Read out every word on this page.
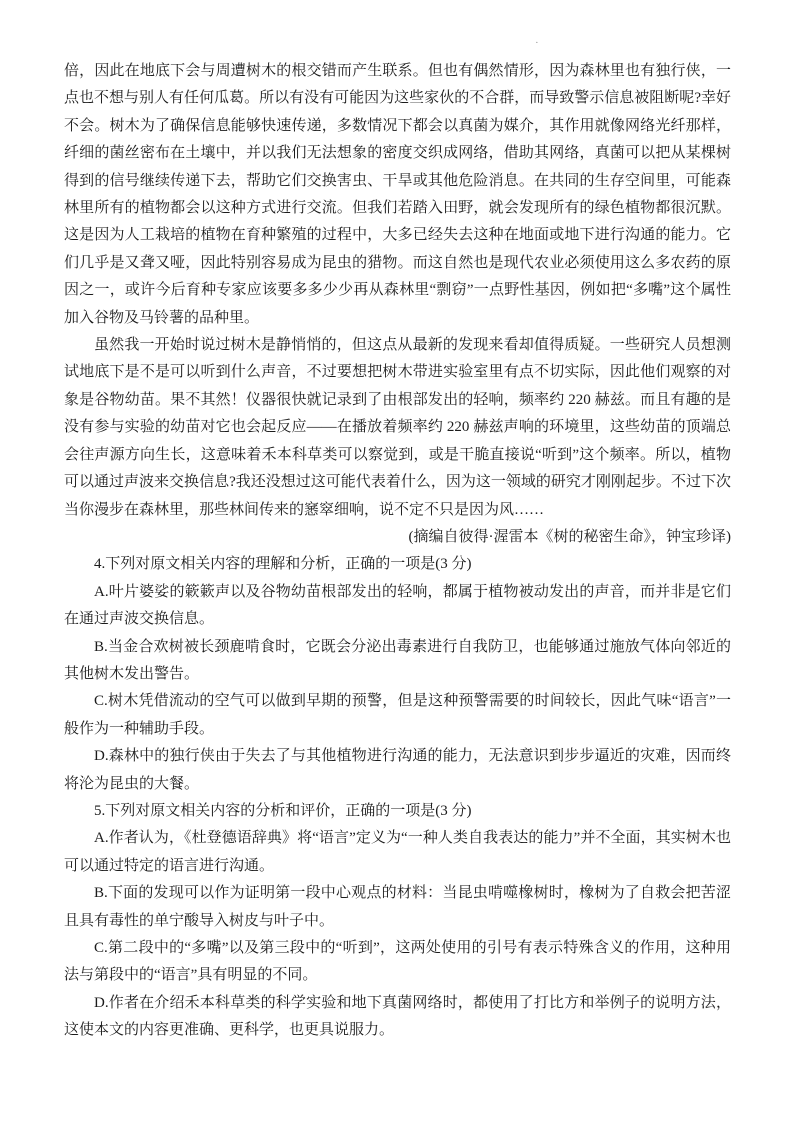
·

倍，因此在地底下会与周遭树木的根交错而产生联系。但也有偶然情形，因为森林里也有独行侠，一点也不想与别人有任何瓜葛。所以有没有可能因为这些家伙的不合群，而导致警示信息被阻断呢?幸好不会。树木为了确保信息能够快速传递，多数情况下都会以真菌为媒介，其作用就像网络光纤那样，纤细的菌丝密布在土壤中，并以我们无法想象的密度交织成网络，借助其网络，真菌可以把从某棵树得到的信号继续传递下去，帮助它们交换害虫、干旱或其他危险消息。在共同的生存空间里，可能森林里所有的植物都会以这种方式进行交流。但我们若踏入田野，就会发现所有的绿色植物都很沉默。这是因为人工栽培的植物在育种繁殖的过程中，大多已经失去这种在地面或地下进行沟通的能力。它们几乎是又聋又哑，因此特别容易成为昆虫的猎物。而这自然也是现代农业必须使用这么多农药的原因之一，或许今后育种专家应该要多多少少再从森林里“剽窃”一点野性基因，例如把“多嘴”这个属性加入谷物及马铃薯的品种里。

虽然我一开始时说过树木是静悄悄的，但这点从最新的发现来看却值得质疑。一些研究人员想测试地底下是不是可以听到什么声音，不过要想把树木带进实验室里有点不切实际，因此他们观察的对象是谷物幼苗。果不其然！仪器很快就记录到了由根部发出的轻响，频率约 220 赫兹。而且有趣的是没有参与实验的幼苗对它也会起反应——在播放着频率约 220 赫兹声响的环境里，这些幼苗的顶端总会往声源方向生长，这意味着禾本科草类可以察觉到，或是干脆直接说“听到”这个频率。所以，植物可以通过声波来交换信息?我还没想过这可能代表着什么，因为这一领域的研究才刚刚起步。不过下次当你漫步在森林里，那些林间传来的窸窣细响，说不定不只是因为风……

(摘编自彼得·渥雷本《树的秘密生命》，钟宝珍译)

4.下列对原文相关内容的理解和分析，正确的一项是(3 分)

A.叶片婆娑的簌簌声以及谷物幼苗根部发出的轻响，都属于植物被动发出的声音，而并非是它们在通过声波交换信息。

B.当金合欢树被长颈鹿啃食时，它既会分泌出毒素进行自我防卫，也能够通过施放气体向邻近的其他树木发出警告。

C.树木凭借流动的空气可以做到早期的预警，但是这种预警需要的时间较长，因此气味“语言”一般作为一种辅助手段。

D.森林中的独行侠由于失去了与其他植物进行沟通的能力，无法意识到步步逼近的灾难，因而终将沦为昆虫的大餐。

5.下列对原文相关内容的分析和评价，正确的一项是(3 分)

A.作者认为，《杜登德语辞典》将“语言”定义为“一种人类自我表达的能力”并不全面，其实树木也可以通过特定的语言进行沟通。

B.下面的发现可以作为证明第一段中心观点的材料：当昆虫啃噬橡树时，橡树为了自救会把苦涩且具有毒性的单宁酸导入树皮与叶子中。

C.第二段中的“多嘴”以及第三段中的“听到”，这两处使用的引号有表示特殊含义的作用，这种用法与第段中的“语言”具有明显的不同。

D.作者在介绍禾本科草类的科学实验和地下真菌网络时，都使用了打比方和举例子的说明方法，这使本文的内容更准确、更科学，也更具说服力。
